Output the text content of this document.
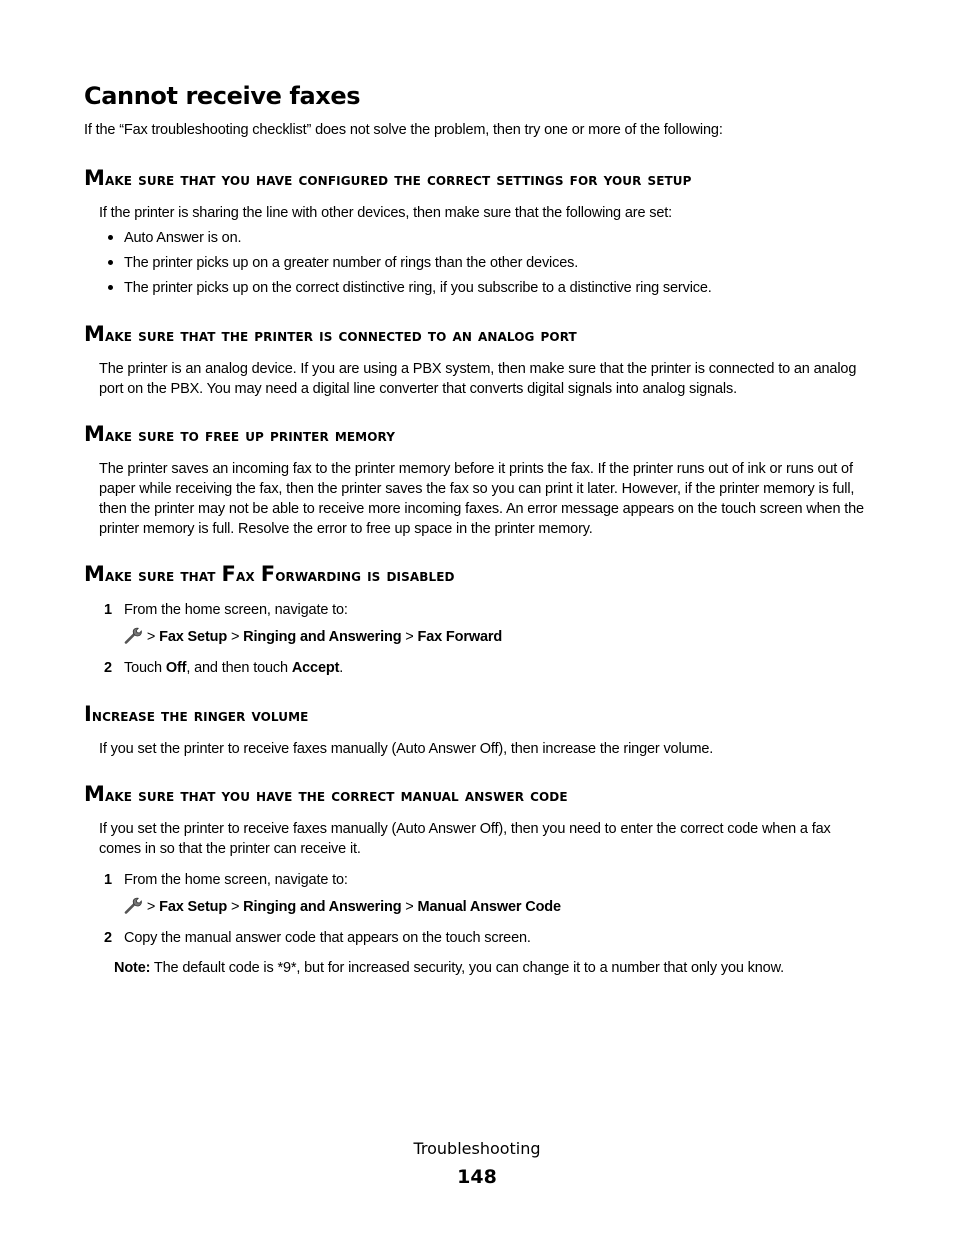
Cannot receive faxes

If the “Fax troubleshooting checklist” does not solve the problem, then try one or more of the following:

Make sure that you have configured the correct settings for your setup

If the printer is sharing the line with other devices, then make sure that the following are set:

Auto Answer is on.
The printer picks up on a greater number of rings than the other devices.
The printer picks up on the correct distinctive ring, if you subscribe to a distinctive ring service.
Make sure that the printer is connected to an analog port

The printer is an analog device. If you are using a PBX system, then make sure that the printer is connected to an analog port on the PBX. You may need a digital line converter that converts digital signals into analog signals.

Make sure to free up printer memory

The printer saves an incoming fax to the printer memory before it prints the fax. If the printer runs out of ink or runs out of paper while receiving the fax, then the printer saves the fax so you can print it later. However, if the printer memory is full, then the printer may not be able to receive more incoming faxes. An error message appears on the touch screen when the printer memory is full. Resolve the error to free up space in the printer memory.

Make sure that Fax Forwarding is disabled

1 From the home screen, navigate to:

> Fax Setup > Ringing and Answering > Fax Forward

2 Touch Off, and then touch Accept.

Increase the ringer volume

If you set the printer to receive faxes manually (Auto Answer Off), then increase the ringer volume.

Make sure that you have the correct manual answer code

If you set the printer to receive faxes manually (Auto Answer Off), then you need to enter the correct code when a fax comes in so that the printer can receive it.

1 From the home screen, navigate to:

> Fax Setup > Ringing and Answering > Manual Answer Code

2 Copy the manual answer code that appears on the touch screen.

Note: The default code is *9*, but for increased security, you can change it to a number that only you know.

Troubleshooting

148
